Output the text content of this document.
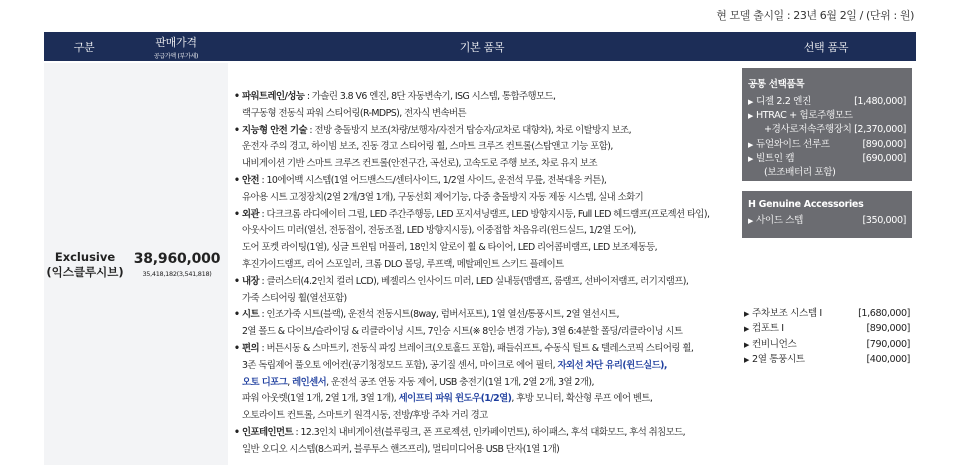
현 모델 출시일 : 23년 6월 2일 / (단위 : 원)
구분	판매가격
공급가액 (부가세)
기본 품목	선택 품목
Exclusive
(익스클루시브)
38,960,000
35,418,182(3,541,818)
• 파워트레인/성능 : 가솔린 3.8 V6 엔진, 8단 자동변속기, ISG 시스템, 통합주행모드,
랙구동형 전동식 파워 스티어링(R-MDPS), 전자식 변속버튼
• 지능형 안전 기술 : 전방 충돌방지 보조(차량/보행자/자전거 탑승자/교차로 대향차), 차로 이탈방지 보조,
운전자 주의 경고, 하이빔 보조, 진동 경고 스티어링 휠, 스마트 크루즈 컨트롤(스탑앤고 기능 포함),
내비게이션 기반 스마트 크루즈 컨트롤(안전구간, 곡선로), 고속도로 주행 보조, 차로 유지 보조
• 안전 : 10에어백 시스템(1열 어드밴스드/센터사이드, 1/2열 사이드, 운전석 무릎, 전복대응 커튼),
유아용 시트 고정장치(2열 2개/3열 1개), 구동선회 제어기능, 다중 충돌방지 자동 제동 시스템, 실내 소화기
• 외관 : 다크크롬 라디에이터 그릴, LED 주간주행등, LED 포지셔닝램프, LED 방향지시등, Full LED 헤드램프(프로젝션 타입),
아웃사이드 미러(열선, 전동접이, 전동조절, LED 방향지시등), 이중접합 차음유리(윈드실드, 1/2열 도어),
도어 포켓 라이팅(1열), 싱글 트윈팁 머플러, 18인치 알로이 휠 & 타이어, LED 리어콤비램프, LED 보조제동등,
후진가이드램프, 리어 스포일러, 크롬 DLO 몰딩, 루프랙, 메탈페인트 스키드 플레이트
• 내장 : 클러스터(4.2인치 컬러 LCD), 베젤리스 인사이드 미러, LED 실내등(맵램프, 룸램프, 선바이저램프, 러기지램프),
가죽 스티어링 휠(열선포함)
• 시트 : 인조가죽 시트(블랙), 운전석 전동시트(8way, 럼버서포트), 1열 열선/통풍시트, 2열 열선시트,
2열 폴드 & 다이브/슬라이딩 & 리클라이닝 시트, 7인승 시트(※ 8인승 변경 가능), 3열 6:4분할 폴딩/리클라이닝 시트
• 편의 : 버튼시동 & 스마트키, 전동식 파킹 브레이크(오토홀드 포함), 패들쉬프트, 수동식 틸트 & 텔레스코픽 스티어링 휠,
3존 독립제어 풀오토 에어컨(공기청정모드 포함), 공기질 센서, 마이크로 에어 필터, 자외선 차단 유리(윈드실드),
오토 디포그, 레인센서, 운전석 공조 연동 자동 제어, USB 충전기(1열 1개, 2열 2개, 3열 2개),
파워 아웃렛(1열 1개, 2열 1개, 3열 1개), 세이프티 파워 윈도우(1/2열), 후방 모니터, 확산형 루프 에어 벤트,
오토라이트 컨트롤, 스마트키 원격시동, 전방/후방 주차 거리 경고
• 인포테인먼트 : 12.3인치 내비게이션(블루링크, 폰 프로젝션, 인카페이먼트), 하이패스, 후석 대화모드, 후석 취침모드,
일반 오디오 시스템(8스피커, 블루투스 핸즈프리), 멀티미디어용 USB 단자(1열 1개)
공통 선택품목
▶ 디젤 2.2 엔진	[1,480,000]
▶ HTRAC + 험로주행모드
+경사로저속주행장치 [2,370,000]
▶ 듀얼와이드 선루프	[890,000]
▶ 빌트인 캠	[690,000]
(보조배터리 포함)
H Genuine Accessories
▶ 사이드 스텝	[350,000]
▶ 주차보조 시스템 Ⅰ	[1,680,000]
▶ 컴포트 Ⅰ	[890,000]
▶ 컨비니언스	[790,000]
▶ 2열 통풍시트	[400,000]
